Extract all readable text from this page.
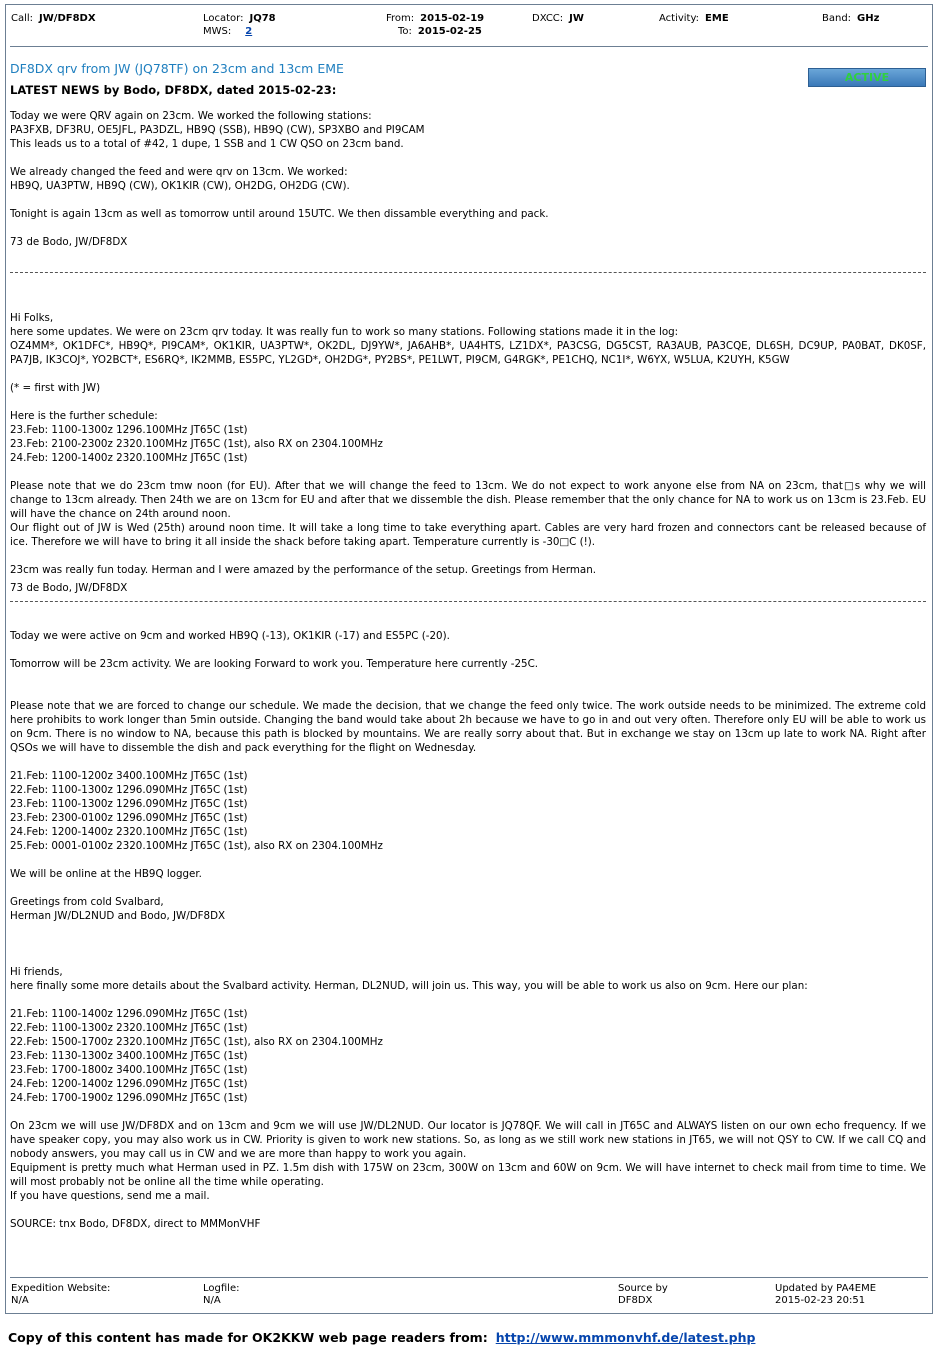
Call: JW/DF8DX	Locator: JQ78
MWS: 2
From: 2015-02-19
To: 2015-02-25
DXCC: JW	Activity: EME	Band: GHz
ACTIVE
DF8DX qrv from JW (JQ78TF) on 23cm and 13cm EME
LATEST NEWS by Bodo, DF8DX, dated 2015-02-23:
Today we were QRV again on 23cm. We worked the following stations:
PA3FXB, DF3RU, OE5JFL, PA3DZL, HB9Q (SSB), HB9Q (CW), SP3XBO and PI9CAM
This leads us to a total of #42, 1 dupe, 1 SSB and 1 CW QSO on 23cm band.
We already changed the feed and were qrv on 13cm. We worked:
HB9Q, UA3PTW, HB9Q (CW), OK1KIR (CW), OH2DG, OH2DG (CW).
Tonight is again 13cm as well as tomorrow until around 15UTC. We then dissamble everything and pack.
73 de Bodo, JW/DF8DX
Hi Folks,
here some updates. We were on 23cm qrv today. It was really fun to work so many stations. Following stations made it in the log:
OZ4MM*, OK1DFC*, HB9Q*, PI9CAM*, OK1KIR, UA3PTW*, OK2DL, DJ9YW*, JA6AHB*, UA4HTS, LZ1DX*, PA3CSG, DG5CST, RA3AUB, PA3CQE, DL6SH, DC9UP, PA0BAT, DK0SF, PA7JB, IK3COJ*, YO2BCT*, ES6RQ*, IK2MMB, ES5PC, YL2GD*, OH2DG*, PY2BS*, PE1LWT, PI9CM, G4RGK*, PE1CHQ, NC1I*, W6YX, W5LUA, K2UYH, K5GW
(* = first with JW)
Here is the further schedule:
23.Feb: 1100-1300z 1296.100MHz JT65C (1st)
23.Feb: 2100-2300z 2320.100MHz JT65C (1st), also RX on 2304.100MHz
24.Feb: 1200-1400z 2320.100MHz JT65C (1st)
Please note that we do 23cm tmw noon (for EU). After that we will change the feed to 13cm. We do not expect to work anyone else from NA on 23cm, that□s why we will change to 13cm already. Then 24th we are on 13cm for EU and after that we dissemble the dish. Please remember that the only chance for NA to work us on 13cm is 23.Feb. EU will have the chance on 24th around noon.
Our flight out of JW is Wed (25th) around noon time. It will take a long time to take everything apart. Cables are very hard frozen and connectors cant be released because of ice. Therefore we will have to bring it all inside the shack before taking apart. Temperature currently is -30□C (!).
23cm was really fun today. Herman and I were amazed by the performance of the setup. Greetings from Herman.
73 de Bodo, JW/DF8DX
Today we were active on 9cm and worked HB9Q (-13), OK1KIR (-17) and ES5PC (-20).
Tomorrow will be 23cm activity. We are looking Forward to work you. Temperature here currently -25C.
Please note that we are forced to change our schedule. We made the decision, that we change the feed only twice. The work outside needs to be minimized. The extreme cold here prohibits to work longer than 5min outside. Changing the band would take about 2h because we have to go in and out very often. Therefore only EU will be able to work us on 9cm. There is no window to NA, because this path is blocked by mountains. We are really sorry about that. But in exchange we stay on 13cm up late to work NA. Right after QSOs we will have to dissemble the dish and pack everything for the flight on Wednesday.
21.Feb: 1100-1200z 3400.100MHz JT65C (1st)
22.Feb: 1100-1300z 1296.090MHz JT65C (1st)
23.Feb: 1100-1300z 1296.090MHz JT65C (1st)
23.Feb: 2300-0100z 1296.090MHz JT65C (1st)
24.Feb: 1200-1400z 2320.100MHz JT65C (1st)
25.Feb: 0001-0100z 2320.100MHz JT65C (1st), also RX on 2304.100MHz
We will be online at the HB9Q logger.
Greetings from cold Svalbard,
Herman JW/DL2NUD and Bodo, JW/DF8DX
Hi friends,
here finally some more details about the Svalbard activity. Herman, DL2NUD, will join us. This way, you will be able to work us also on 9cm. Here our plan:
21.Feb: 1100-1400z 1296.090MHz JT65C (1st)
22.Feb: 1100-1300z 2320.100MHz JT65C (1st)
22.Feb: 1500-1700z 2320.100MHz JT65C (1st), also RX on 2304.100MHz
23.Feb: 1130-1300z 3400.100MHz JT65C (1st)
23.Feb: 1700-1800z 3400.100MHz JT65C (1st)
24.Feb: 1200-1400z 1296.090MHz JT65C (1st)
24.Feb: 1700-1900z 1296.090MHz JT65C (1st)
On 23cm we will use JW/DF8DX and on 13cm and 9cm we will use JW/DL2NUD. Our locator is JQ78QF. We will call in JT65C and ALWAYS listen on our own echo frequency. If we have speaker copy, you may also work us in CW. Priority is given to work new stations. So, as long as we still work new stations in JT65, we will not QSY to CW. If we call CQ and nobody answers, you may call us in CW and we are more than happy to work you again.
Equipment is pretty much what Herman used in PZ. 1.5m dish with 175W on 23cm, 300W on 13cm and 60W on 9cm. We will have internet to check mail from time to time. We will most probably not be online all the time while operating.
If you have questions, send me a mail.
SOURCE: tnx Bodo, DF8DX, direct to MMMonVHF
Expedition Website:
N/A
Logfile:
N/A
Source by
DF8DX
Updated by PA4EME
2015-02-23 20:51
Copy of this content has made for OK2KKW web page readers from: http://www.mmmonvhf.de/latest.php
